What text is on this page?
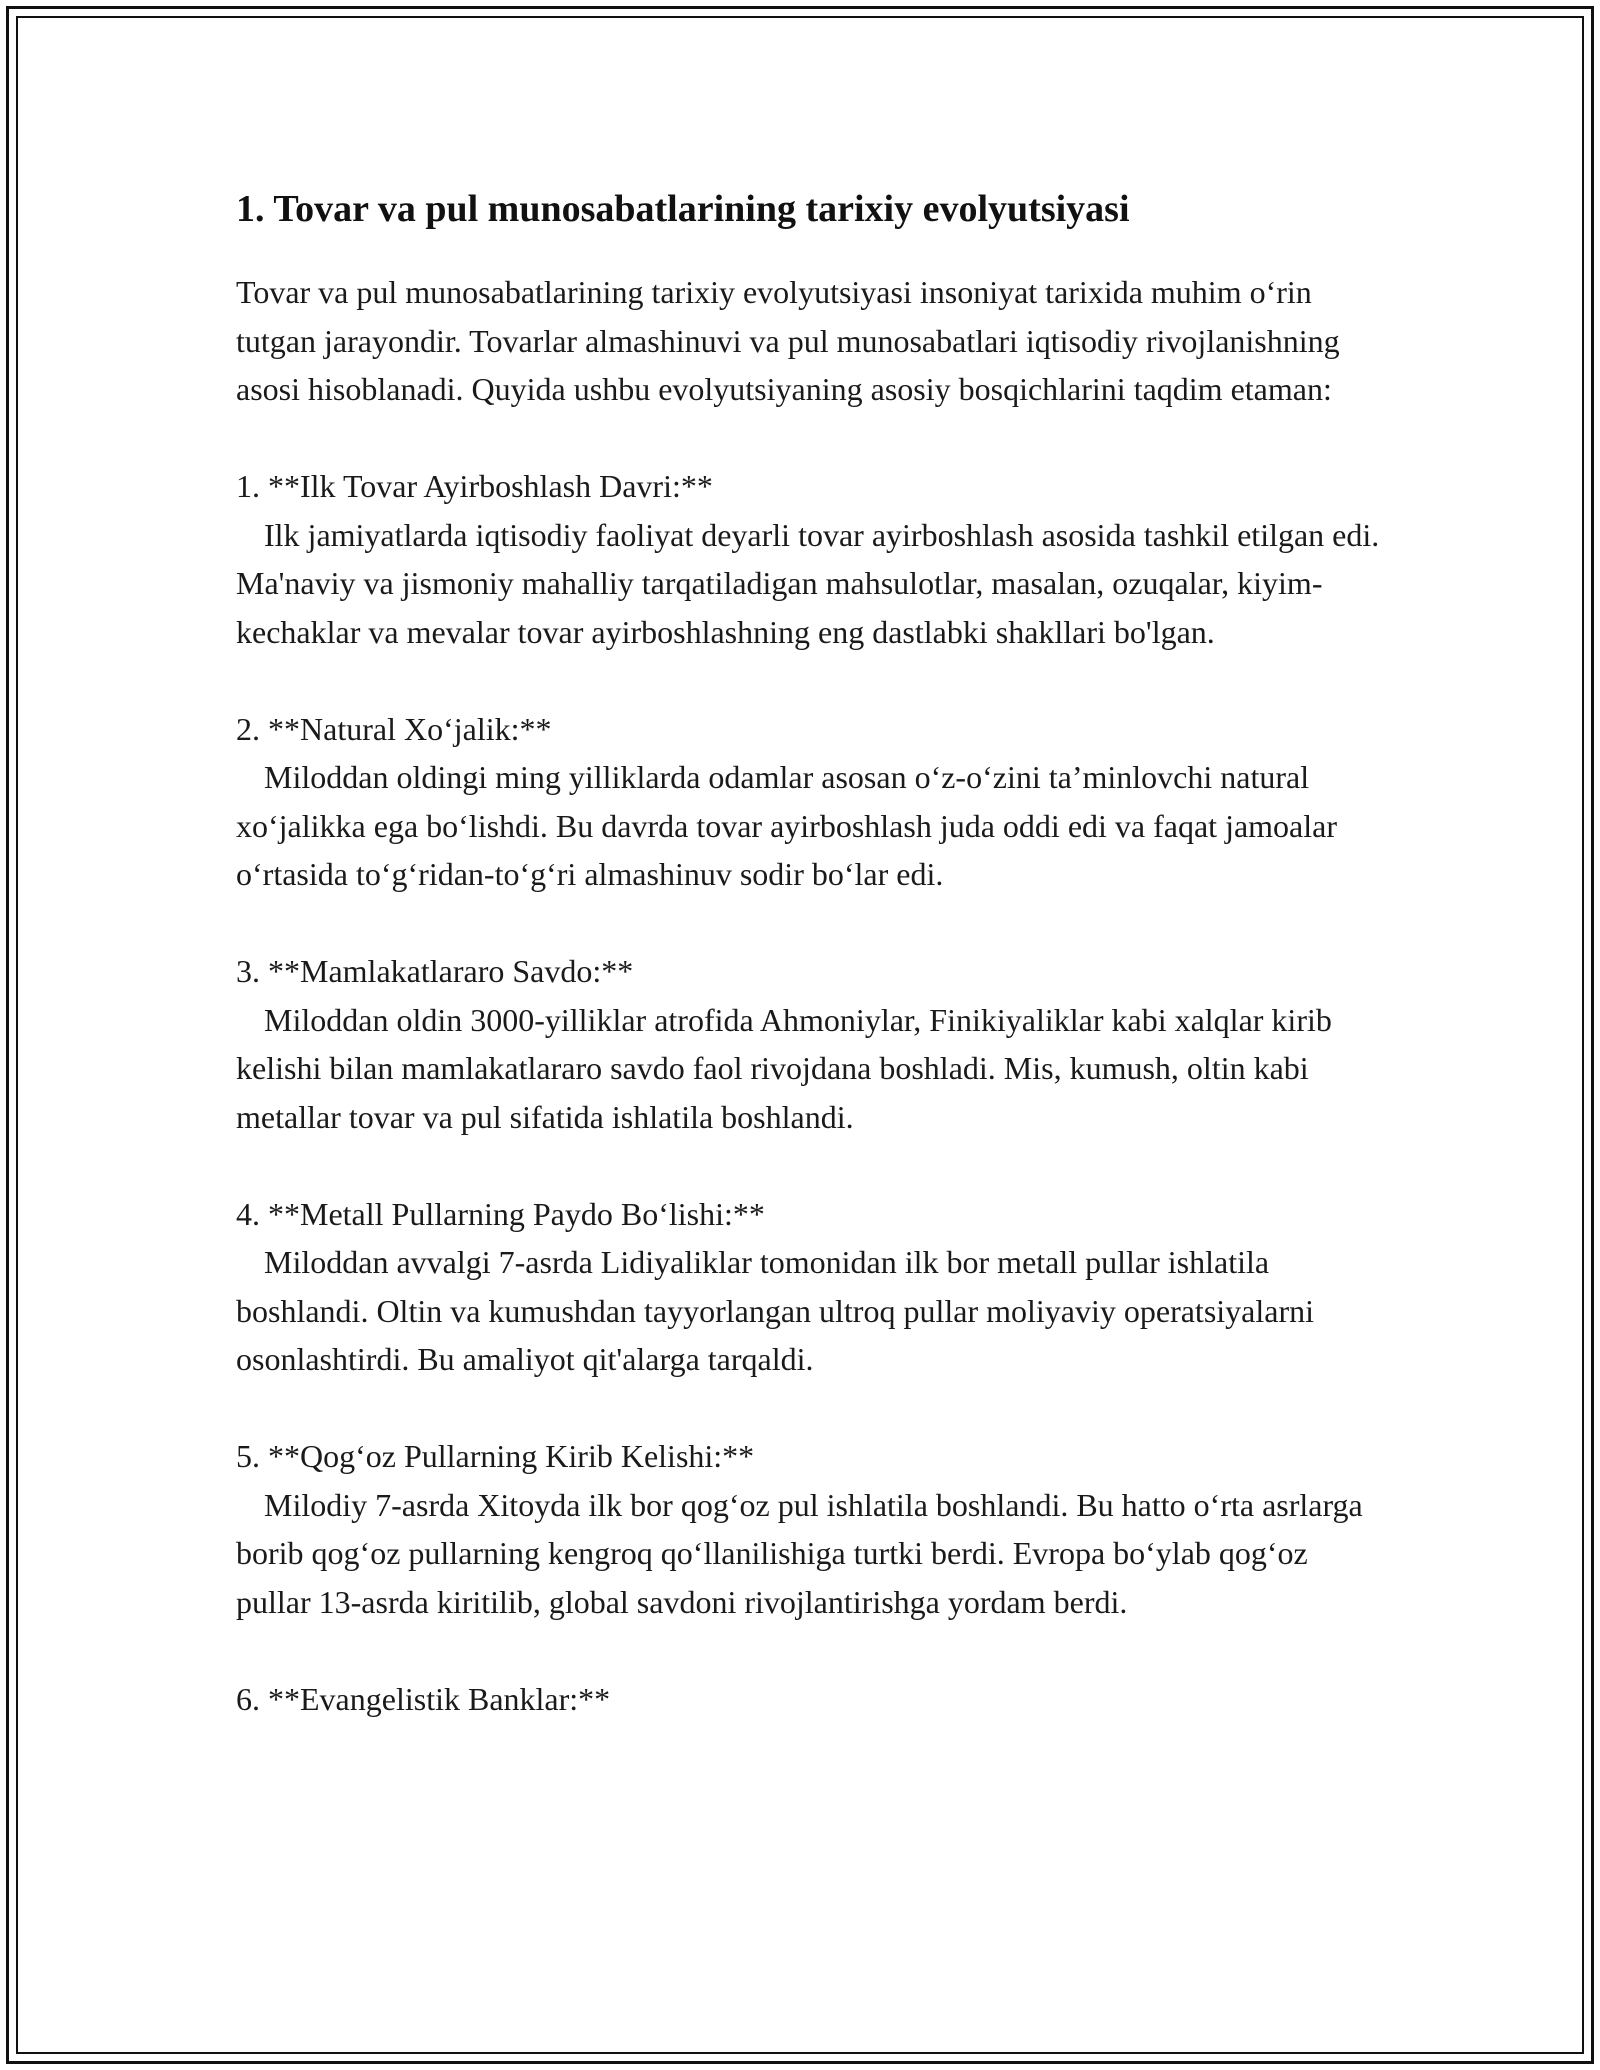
1. Tovar va pul munosabatlarining tarixiy evolyutsiyasi

Tovar va pul munosabatlarining tarixiy evolyutsiyasi insoniyat tarixida muhim o‘rin tutgan jarayondir. Tovarlar almashinuvi va pul munosabatlari iqtisodiy rivojlanishning asosi hisoblanadi. Quyida ushbu evolyutsiyaning asosiy bosqichlarini taqdim etaman:

1. **Ilk Tovar Ayirboshlash Davri:**

Ilk jamiyatlarda iqtisodiy faoliyat deyarli tovar ayirboshlash asosida tashkil etilgan edi. Ma'naviy va jismoniy mahalliy tarqatiladigan mahsulotlar, masalan, ozuqalar, kiyim-kechaklar va mevalar tovar ayirboshlashning eng dastlabki shakllari bo'lgan.

2. **Natural Xo‘jalik:**

Miloddan oldingi ming yilliklarda odamlar asosan o‘z-o‘zini ta’minlovchi natural xo‘jalikka ega bo‘lishdi. Bu davrda tovar ayirboshlash juda oddi edi va faqat jamoalar o‘rtasida to‘g‘ridan-to‘g‘ri almashinuv sodir bo‘lar edi.

3. **Mamlakatlararo Savdo:**

Miloddan oldin 3000-yilliklar atrofida Ahmoniylar, Finikiyaliklar kabi xalqlar kirib kelishi bilan mamlakatlararo savdo faol rivojdana boshladi. Mis, kumush, oltin kabi metallar tovar va pul sifatida ishlatila boshlandi.

4. **Metall Pullarning Paydo Bo‘lishi:**

Miloddan avvalgi 7-asrda Lidiyaliklar tomonidan ilk bor metall pullar ishlatila boshlandi. Oltin va kumushdan tayyorlangan ultroq pullar moliyaviy operatsiyalarni osonlashtirdi. Bu amaliyot qit'alarga tarqaldi.

5. **Qog‘oz Pullarning Kirib Kelishi:**

Milodiy 7-asrda Xitoyda ilk bor qog‘oz pul ishlatila boshlandi. Bu hatto o‘rta asrlarga borib qog‘oz pullarning kengroq qo‘llanilishiga turtki berdi. Evropa bo‘ylab qog‘oz pullar 13-asrda kiritilib, global savdoni rivojlantirishga yordam berdi.

6. **Evangelistik Banklar:**
